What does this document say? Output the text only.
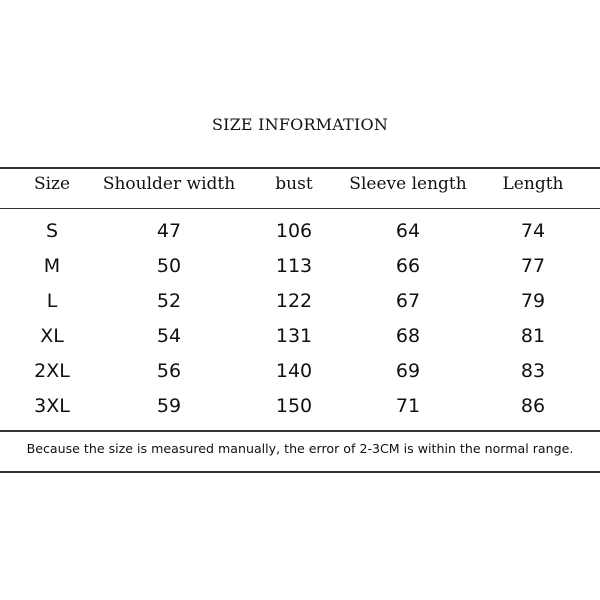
SIZE INFORMATION
Size	Shoulder width	bust	Sleeve length	Length
S	47	106	64	74
M	50	113	66	77
L	52	122	67	79
XL	54	131	68	81
2XL	56	140	69	83
3XL	59	150	71	86
Because the size is measured manually, the error of 2-3CM is within the normal range.
